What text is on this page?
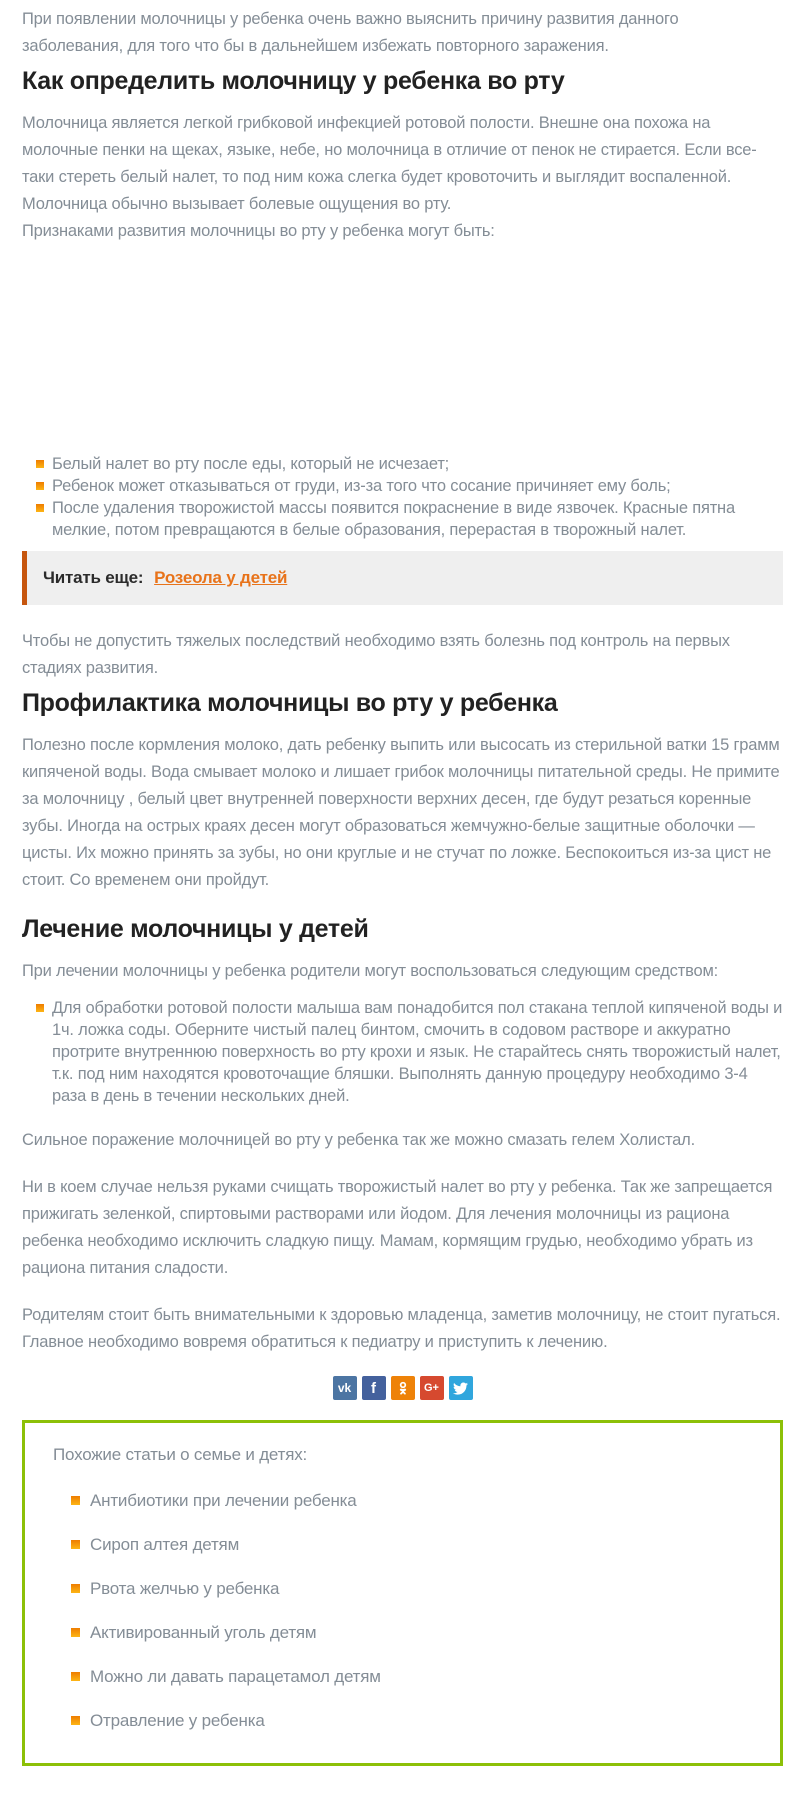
При появлении молочницы у ребенка очень важно выяснить причину развития данного заболевания, для того что бы в дальнейшем избежать повторного заражения.

Как определить молочницу у ребенка во рту

Молочница является легкой грибковой инфекцией ротовой полости. Внешне она похожа на молочные пенки на щеках, языке, небе, но молочница в отличие от пенок не стирается. Если все-таки стереть белый налет, то под ним кожа слегка будет кровоточить и выглядит воспаленной. Молочница обычно вызывает болевые ощущения во рту.

Признаками развития молочницы во рту у ребенка могут быть:

Белый налет во рту после еды, который не исчезает;
Ребенок может отказываться от груди, из-за того что сосание причиняет ему боль;
После удаления творожистой массы появится покраснение в виде язвочек. Красные пятна мелкие, потом превращаются в белые образования, перерастая в творожный налет.
Читать еще: Розеола у детей

Чтобы не допустить тяжелых последствий необходимо взять болезнь под контроль на первых стадиях развития.

Профилактика молочницы во рту у ребенка

Полезно после кормления молоко, дать ребенку выпить или высосать из стерильной ватки 15 грамм кипяченой воды. Вода смывает молоко и лишает грибок молочницы питательной среды. Не примите за молочницу , белый цвет внутренней поверхности верхних десен, где будут резаться коренные зубы. Иногда на острых краях десен могут образоваться жемчужно-белые защитные оболочки — цисты. Их можно принять за зубы, но они круглые и не стучат по ложке. Беспокоиться из-за цист не стоит. Со временем они пройдут.

Лечение молочницы у детей

При лечении молочницы у ребенка родители могут воспользоваться следующим средством:

Для обработки ротовой полости малыша вам понадобится пол стакана теплой кипяченой воды и 1ч. ложка соды. Оберните чистый палец бинтом, смочить в содовом растворе и аккуратно протрите внутреннюю поверхность во рту крохи и язык. Не старайтесь снять творожистый налет, т.к. под ним находятся кровоточащие бляшки. Выполнять данную процедуру необходимо 3-4 раза в день в течении нескольких дней.

Сильное поражение молочницей во рту у ребенка так же можно смазать гелем Холистал.

Ни в коем случае нельзя руками счищать творожистый налет во рту у ребенка. Так же запрещается прижигать зеленкой, спиртовыми растворами или йодом. Для лечения молочницы из рациона ребенка необходимо исключить сладкую пищу. Мамам, кормящим грудью, необходимо убрать из рациона питания сладости.

Родителям стоит быть внимательными к здоровью младенца, заметив молочницу, не стоит пугаться. Главное необходимо вовремя обратиться к педиатру и приступить к лечению.

vk f	G+

Похожие статьи о семье и детях:

Антибиотики при лечении ребенка
Сироп алтея детям
Рвота желчью у ребенка
Активированный уголь детям
Можно ли давать парацетамол детям
Отравление у ребенка
